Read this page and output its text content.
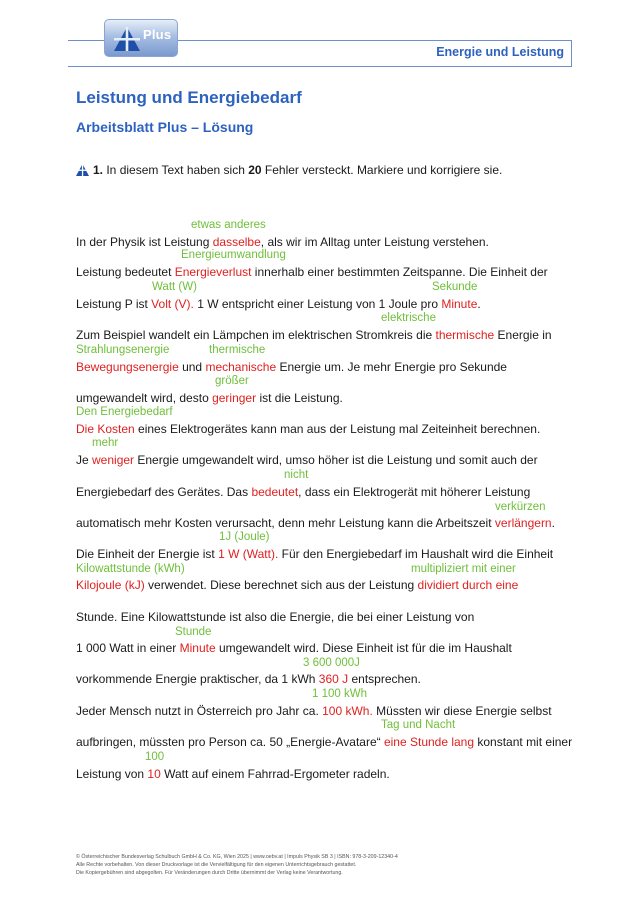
Plus
Energie und Leistung
Leistung und Energiebedarf
Arbeitsblatt Plus – Lösung
1. In diesem Text haben sich 20 Fehler versteckt. Markiere und korrigiere sie.
etwas anderes
Energieumwandlung
Watt (W)	Sekunde
elektrische
Strahlungsenergie	thermische
größer
Den Energiebedarf
mehr
nicht
verkürzen
1J (Joule)
Kilowattstunde (kWh)	multipliziert mit einer
Stunde
3 600 000J
1 100 kWh
Tag und Nacht
100
In der Physik ist Leistung dasselbe, als wir im Alltag unter Leistung verstehen.
Leistung bedeutet Energieverlust innerhalb einer bestimmten Zeitspanne. Die Einheit der
Leistung P ist Volt (V). 1 W entspricht einer Leistung von 1 Joule pro Minute.
Zum Beispiel wandelt ein Lämpchen im elektrischen Stromkreis die thermische Energie in
Bewegungsenergie und mechanische Energie um. Je mehr Energie pro Sekunde
umgewandelt wird, desto geringer ist die Leistung.
Die Kosten eines Elektrogerätes kann man aus der Leistung mal Zeiteinheit berechnen.
Je weniger Energie umgewandelt wird, umso höher ist die Leistung und somit auch der
Energiebedarf des Gerätes. Das bedeutet, dass ein Elektrogerät mit höherer Leistung
automatisch mehr Kosten verursacht, denn mehr Leistung kann die Arbeitszeit verlängern.
Die Einheit der Energie ist 1 W (Watt). Für den Energiebedarf im Haushalt wird die Einheit
Kilojoule (kJ) verwendet. Diese berechnet sich aus der Leistung dividiert durch eine
Stunde. Eine Kilowattstunde ist also die Energie, die bei einer Leistung von
1 000 Watt in einer Minute umgewandelt wird. Diese Einheit ist für die im Haushalt
vorkommende Energie praktischer, da 1 kWh 360 J entsprechen.
Jeder Mensch nutzt in Österreich pro Jahr ca. 100 kWh. Müssten wir diese Energie selbst
aufbringen, müssten pro Person ca. 50 „Energie-Avatare“ eine Stunde lang konstant mit einer
Leistung von 10 Watt auf einem Fahrrad-Ergometer radeln.
© Österreichischer Bundesverlag Schulbuch GmbH & Co. KG, Wien 2025 | www.oebv.at | Impuls Physik SB 3 | ISBN: 978-3-209-12340-4
Alle Rechte vorbehalten. Von dieser Druckvorlage ist die Vervielfältigung für den eigenen Unterrichtsgebrauch gestattet.
Die Kopiergebühren sind abgegolten. Für Veränderungen durch Dritte übernimmt der Verlag keine Verantwortung.
